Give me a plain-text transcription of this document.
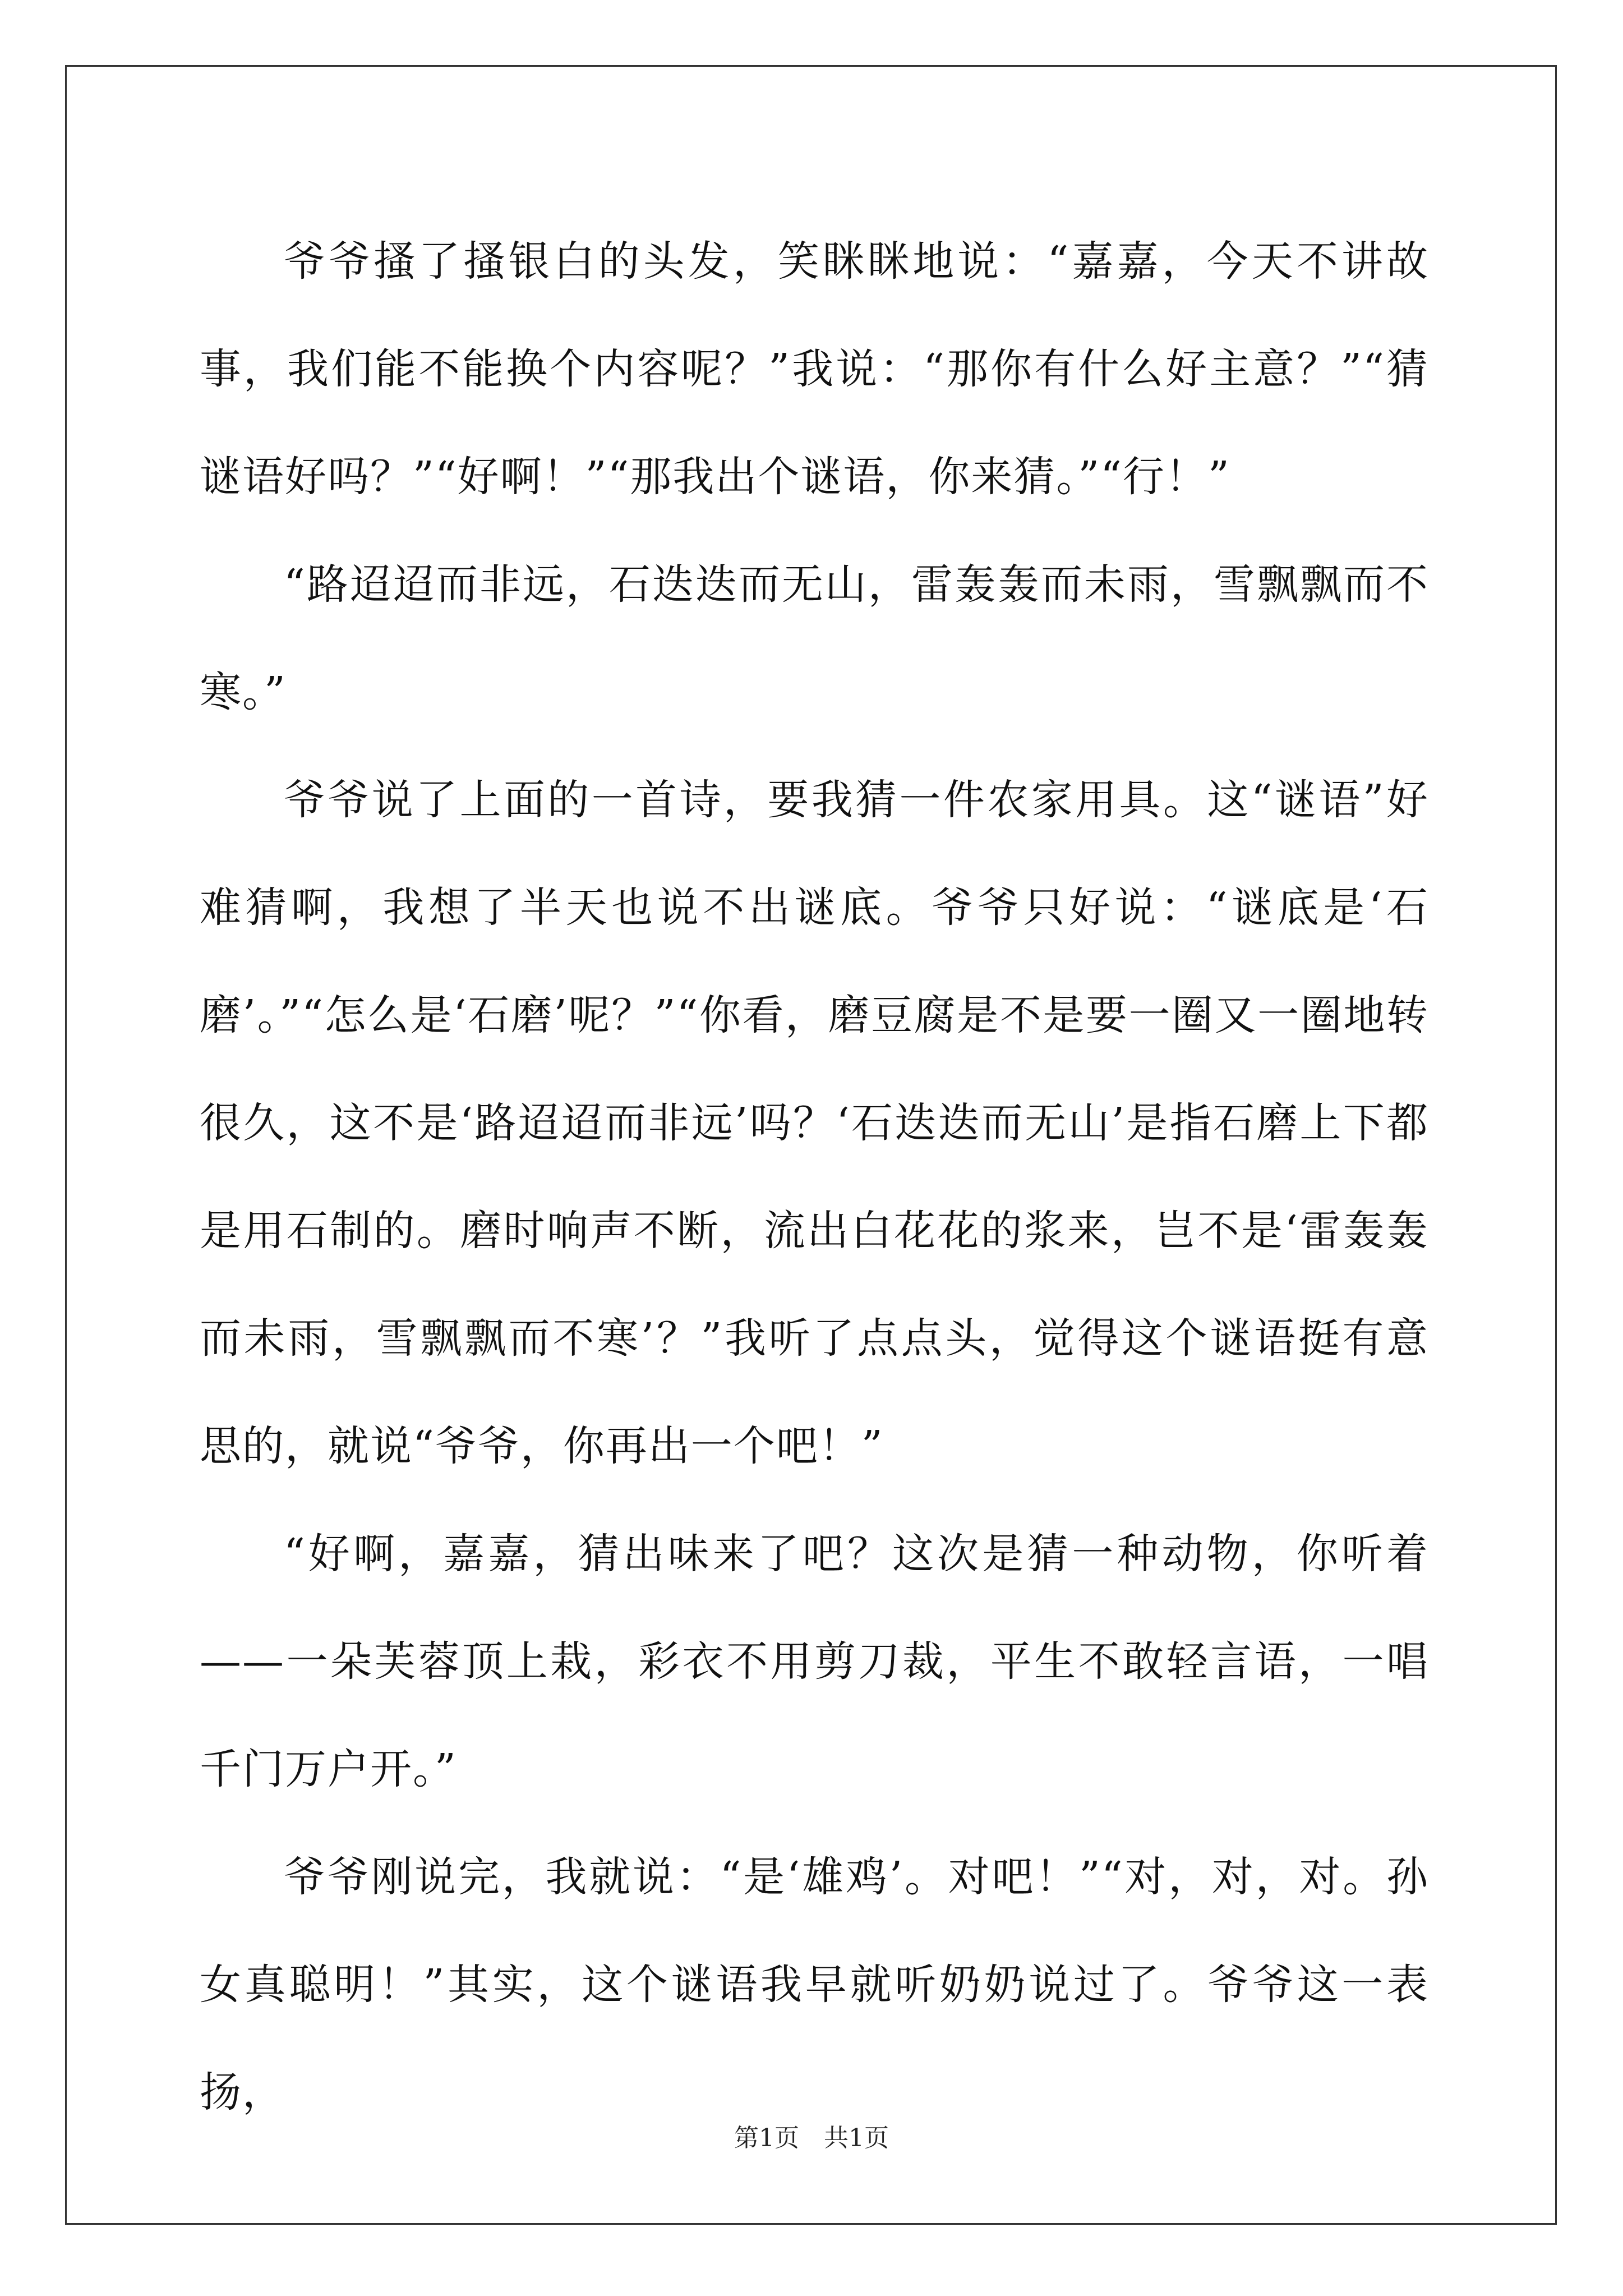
爷爷搔了搔银白的头发，笑眯眯地说：“嘉嘉，今天不讲故事，我们能不能换个内容呢？”我说：“那你有什么好主意？”“猜谜语好吗？”“好啊！”“那我出个谜语，你来猜。”“行！”

“路迢迢而非远，石迭迭而无山，雷轰轰而未雨，雪飘飘而不寒。”

爷爷说了上面的一首诗，要我猜一件农家用具。这“谜语”好难猜啊，我想了半天也说不出谜底。爷爷只好说：“谜底是‘石磨’。”“怎么是‘石磨’呢？”“你看，磨豆腐是不是要一圈又一圈地转很久，这不是‘路迢迢而非远’吗？‘石迭迭而无山’是指石磨上下都是用石制的。磨时响声不断，流出白花花的浆来，岂不是‘雷轰轰而未雨，雪飘飘而不寒’？”我听了点点头，觉得这个谜语挺有意思的，就说“爷爷，你再出一个吧！”

“好啊，嘉嘉，猜出味来了吧？这次是猜一种动物，你听着——一朵芙蓉顶上栽，彩衣不用剪刀裁，平生不敢轻言语，一唱千门万户开。”

爷爷刚说完，我就说：“是‘雄鸡’。对吧！”“对，对，对。孙女真聪明！”其实，这个谜语我早就听奶奶说过了。爷爷这一表扬，

第1页　共1页
